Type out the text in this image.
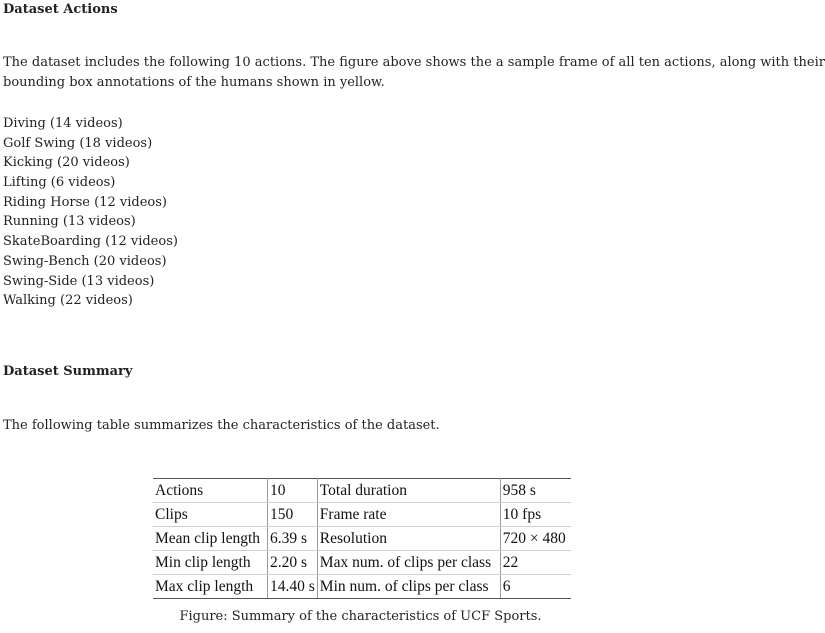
Dataset Actions
The dataset includes the following 10 actions. The figure above shows the a sample frame of all ten actions, along with their
bounding box annotations of the humans shown in yellow.
Diving (14 videos)
Golf Swing (18 videos)
Kicking (20 videos)
Lifting (6 videos)
Riding Horse (12 videos)
Running (13 videos)
SkateBoarding (12 videos)
Swing-Bench (20 videos)
Swing-Side (13 videos)
Walking (22 videos)
Dataset Summary
The following table summarizes the characteristics of the dataset.
Actions	10	Total duration	958 s
Clips	150	Frame rate	10 fps
Mean clip length	6.39 s	Resolution	720 × 480
Min clip length	2.20 s	Max num. of clips per class	22
Max clip length	14.40 s	Min num. of clips per class	6
Figure: Summary of the characteristics of UCF Sports.
